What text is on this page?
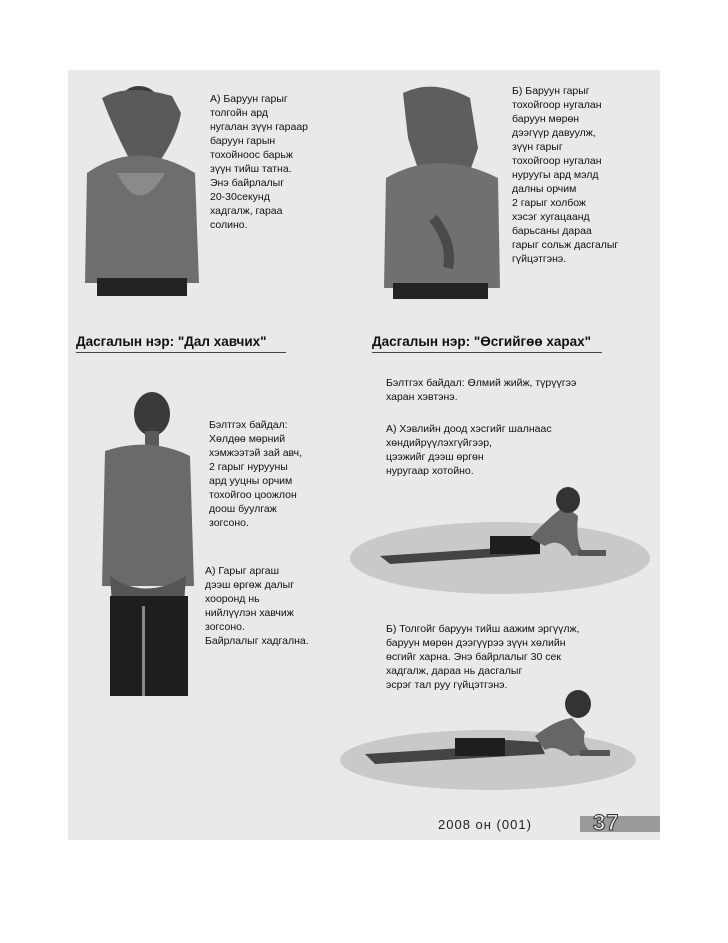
А) Баруун гарыг

толгойн ард

нугалан зүүн гараар

баруун гарын

тохойноос барьж

зүүн тийш татна.

Энэ байрлалыг

20-30секунд

хадгалж, гараа

солино.

Б) Баруун гарыг

тохойгоор нугалан

баруун мөрөн

дээгүүр давуулж,

зүүн гарыг

тохойгоор нугалан

нуруугы ард мэлд

далны орчим

2 гарыг холбож

хэсэг хугацаанд

барьсаны дараа

гарыг сольж дасгалыг

гүйцэтгэнэ.

Дасгалын нэр: "Дал хавчих"	Дасгалын нэр: "Өсгийгөө харах"

Бэлтгэх байдал:

Хөлдөө мөрний

хэмжээтэй зай авч,

2 гарыг нурууны

ард ууцны орчим

тохойгоо цоожлон

доош буулгаж

зогсоно.

А) Гарыг аргаш

дээш өргөж далыг

хооронд нь

нийлүүлэн хавчиж

зогсоно.

Байрлалыг хадгална.

Бэлтгэх байдал: Өлмий жийж, түрүүгээ

харан хэвтэнэ.

А) Хэвлийн доод хэсгийг шалнаас

хөндийрүүлэхгүйгээр,

цээжийг дээш өргөн

нуругаар хотойно.

Б) Толгойг баруун тийш аажим эргүүлж,

баруун мөрөн дээгүүрээ зүүн хөлийн

өсгийг харна. Энэ байрлалыг 30 сек

хадгалж, дараа нь дасгалыг

эсрэг тал руу гүйцэтгэнэ.

2008 он (001)	37
